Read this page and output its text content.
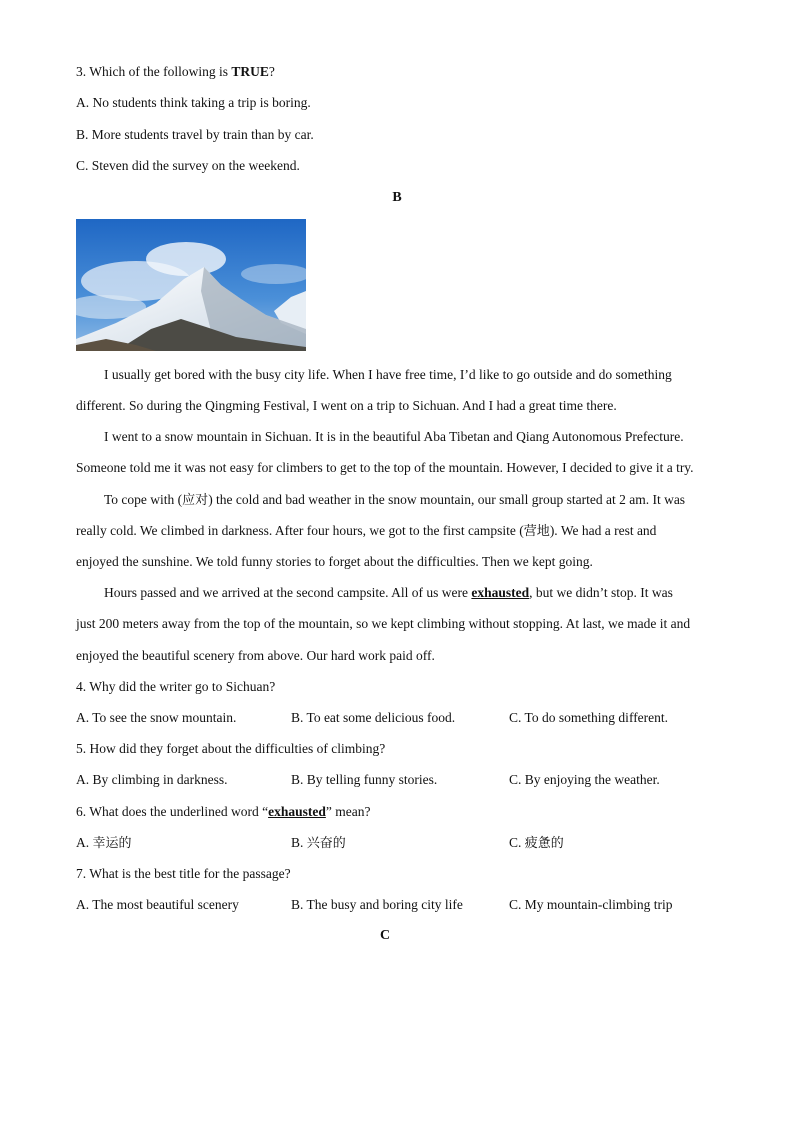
3. Which of the following is TRUE?
A. No students think taking a trip is boring.
B. More students travel by train than by car.
C. Steven did the survey on the weekend.
B
I usually get bored with the busy city life. When I have free time, I’d like to go outside and do something
different. So during the Qingming Festival, I went on a trip to Sichuan. And I had a great time there.
I went to a snow mountain in Sichuan. It is in the beautiful Aba Tibetan and Qiang Autonomous Prefecture.
Someone told me it was not easy for climbers to get to the top of the mountain. However, I decided to give it a try.
To cope with (应对) the cold and bad weather in the snow mountain, our small group started at 2 am. It was
really cold. We climbed in darkness. After four hours, we got to the first campsite (营地). We had a rest and
enjoyed the sunshine. We told funny stories to forget about the difficulties. Then we kept going.
Hours passed and we arrived at the second campsite. All of us were exhausted, but we didn’t stop. It was
just 200 meters away from the top of the mountain, so we kept climbing without stopping. At last, we made it and
enjoyed the beautiful scenery from above. Our hard work paid off.
4. Why did the writer go to Sichuan?
A. To see the snow mountain.	B. To eat some delicious food.	C. To do something different.
5. How did they forget about the difficulties of climbing?
A. By climbing in darkness.	B. By telling funny stories.	C. By enjoying the weather.
6. What does the underlined word “exhausted” mean?
A. 幸运的	B. 兴奋的	C. 疲惫的
7. What is the best title for the passage?
A. The most beautiful scenery	B. The busy and boring city life	C. My mountain-climbing trip
C
